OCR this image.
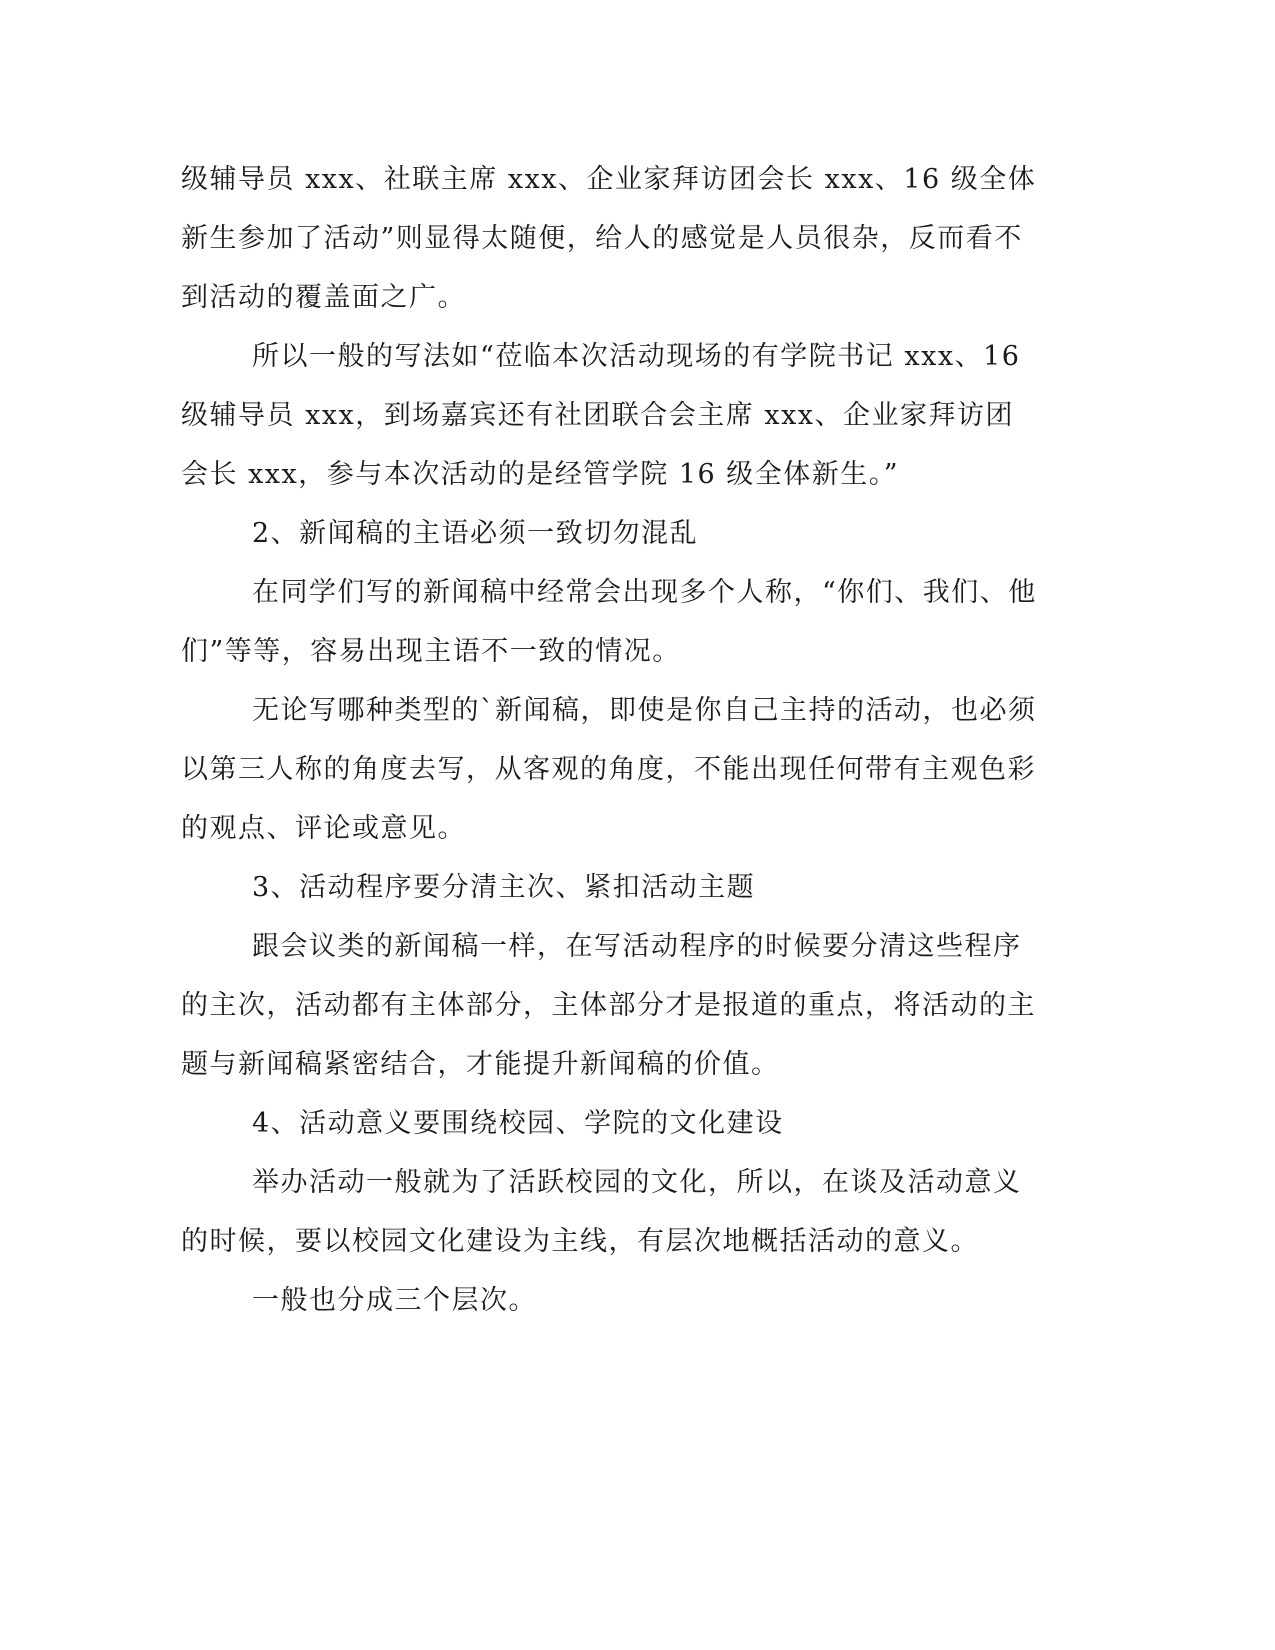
级辅导员 xxx、社联主席 xxx、企业家拜访团会长 xxx、16 级全体新生参加了活动”则显得太随便，给人的感觉是人员很杂，反而看不到活动的覆盖面之广。

所以一般的写法如“莅临本次活动现场的有学院书记 xxx、16 级辅导员 xxx，到场嘉宾还有社团联合会主席 xxx、企业家拜访团会长 xxx，参与本次活动的是经管学院 16 级全体新生。”

2、新闻稿的主语必须一致切勿混乱

在同学们写的新闻稿中经常会出现多个人称，“你们、我们、他们”等等，容易出现主语不一致的情况。

无论写哪种类型的`新闻稿，即使是你自己主持的活动，也必须以第三人称的角度去写，从客观的角度，不能出现任何带有主观色彩的观点、评论或意见。

3、活动程序要分清主次、紧扣活动主题

跟会议类的新闻稿一样，在写活动程序的时候要分清这些程序的主次，活动都有主体部分，主体部分才是报道的重点，将活动的主题与新闻稿紧密结合，才能提升新闻稿的价值。

4、活动意义要围绕校园、学院的文化建设

举办活动一般就为了活跃校园的文化，所以，在谈及活动意义的时候，要以校园文化建设为主线，有层次地概括活动的意义。

一般也分成三个层次。
